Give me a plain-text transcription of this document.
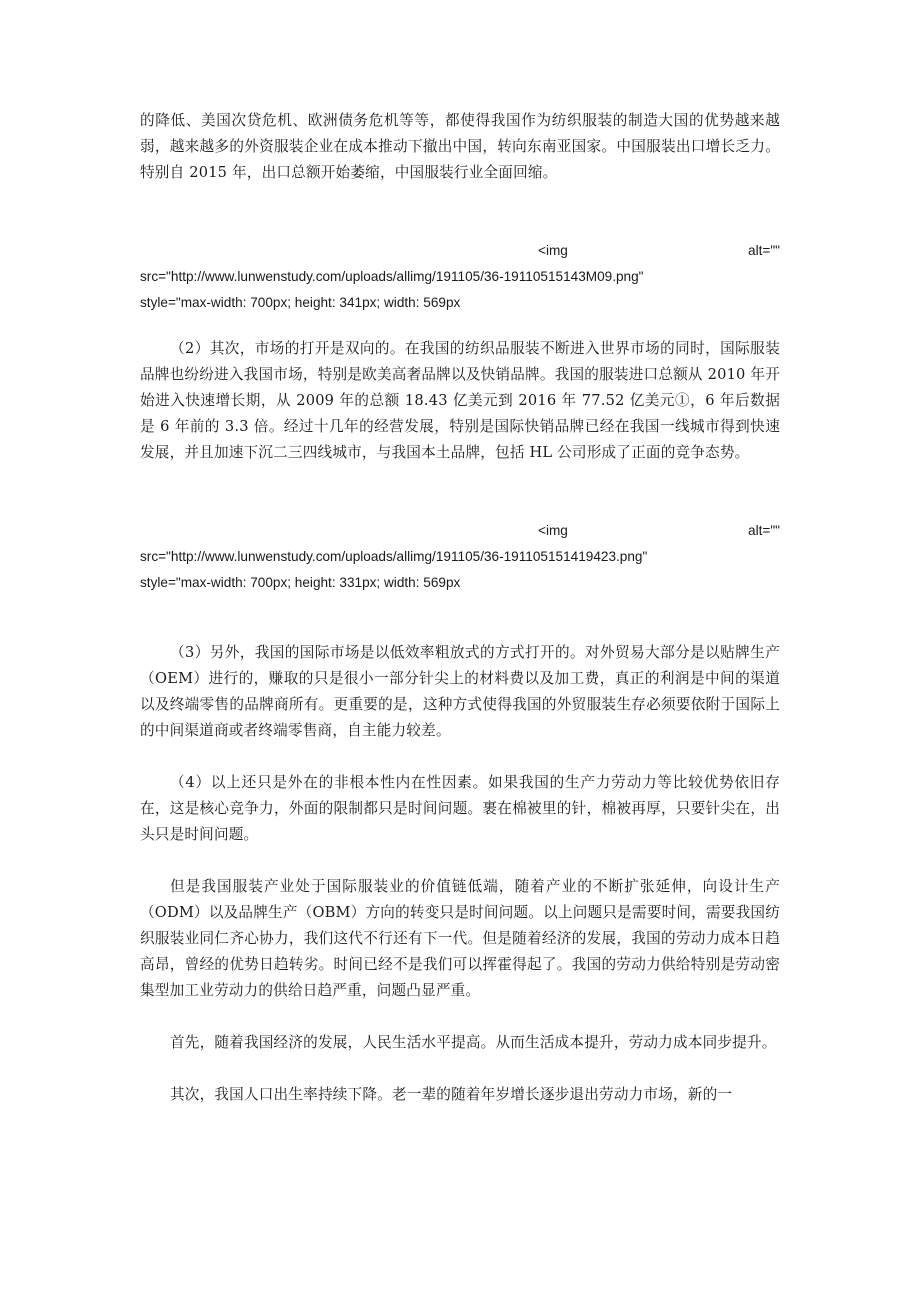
的降低、美国次贷危机、欧洲债务危机等等，都使得我国作为纺织服装的制造大国的优势越来越弱，越来越多的外资服装企业在成本推动下撤出中国，转向东南亚国家。中国服装出口增长乏力。特别自 2015 年，出口总额开始萎缩，中国服装行业全面回缩。

<img	alt=""
src="http://www.lunwenstudy.com/uploads/allimg/191105/36-19110515143M09.png"
style="max-width: 700px; height: 341px; width: 569px

（2）其次，市场的打开是双向的。在我国的纺织品服装不断进入世界市场的同时，国际服装品牌也纷纷进入我国市场，特别是欧美高奢品牌以及快销品牌。我国的服装进口总额从 2010 年开始进入快速增长期，从 2009 年的总额 18.43 亿美元到 2016 年 77.52 亿美元①，6 年后数据是 6 年前的 3.3 倍。经过十几年的经营发展，特别是国际快销品牌已经在我国一线城市得到快速发展，并且加速下沉二三四线城市，与我国本土品牌，包括 HL 公司形成了正面的竞争态势。

<img	alt=""
src="http://www.lunwenstudy.com/uploads/allimg/191105/36-191105151419423.png"
style="max-width: 700px; height: 331px; width: 569px

（3）另外，我国的国际市场是以低效率粗放式的方式打开的。对外贸易大部分是以贴牌生产（OEM）进行的，赚取的只是很小一部分针尖上的材料费以及加工费，真正的利润是中间的渠道以及终端零售的品牌商所有。更重要的是，这种方式使得我国的外贸服装生存必须要依附于国际上的中间渠道商或者终端零售商，自主能力较差。

（4）以上还只是外在的非根本性内在性因素。如果我国的生产力劳动力等比较优势依旧存在，这是核心竞争力，外面的限制都只是时间问题。裹在棉被里的针，棉被再厚，只要针尖在，出头只是时间问题。

但是我国服装产业处于国际服装业的价值链低端，随着产业的不断扩张延伸，向设计生产（ODM）以及品牌生产（OBM）方向的转变只是时间问题。以上问题只是需要时间，需要我国纺织服装业同仁齐心协力，我们这代不行还有下一代。但是随着经济的发展，我国的劳动力成本日趋高昂，曾经的优势日趋转劣。时间已经不是我们可以挥霍得起了。我国的劳动力供给特别是劳动密集型加工业劳动力的供给日趋严重，问题凸显严重。

首先，随着我国经济的发展，人民生活水平提高。从而生活成本提升，劳动力成本同步提升。

其次，我国人口出生率持续下降。老一辈的随着年岁增长逐步退出劳动力市场，新的一
